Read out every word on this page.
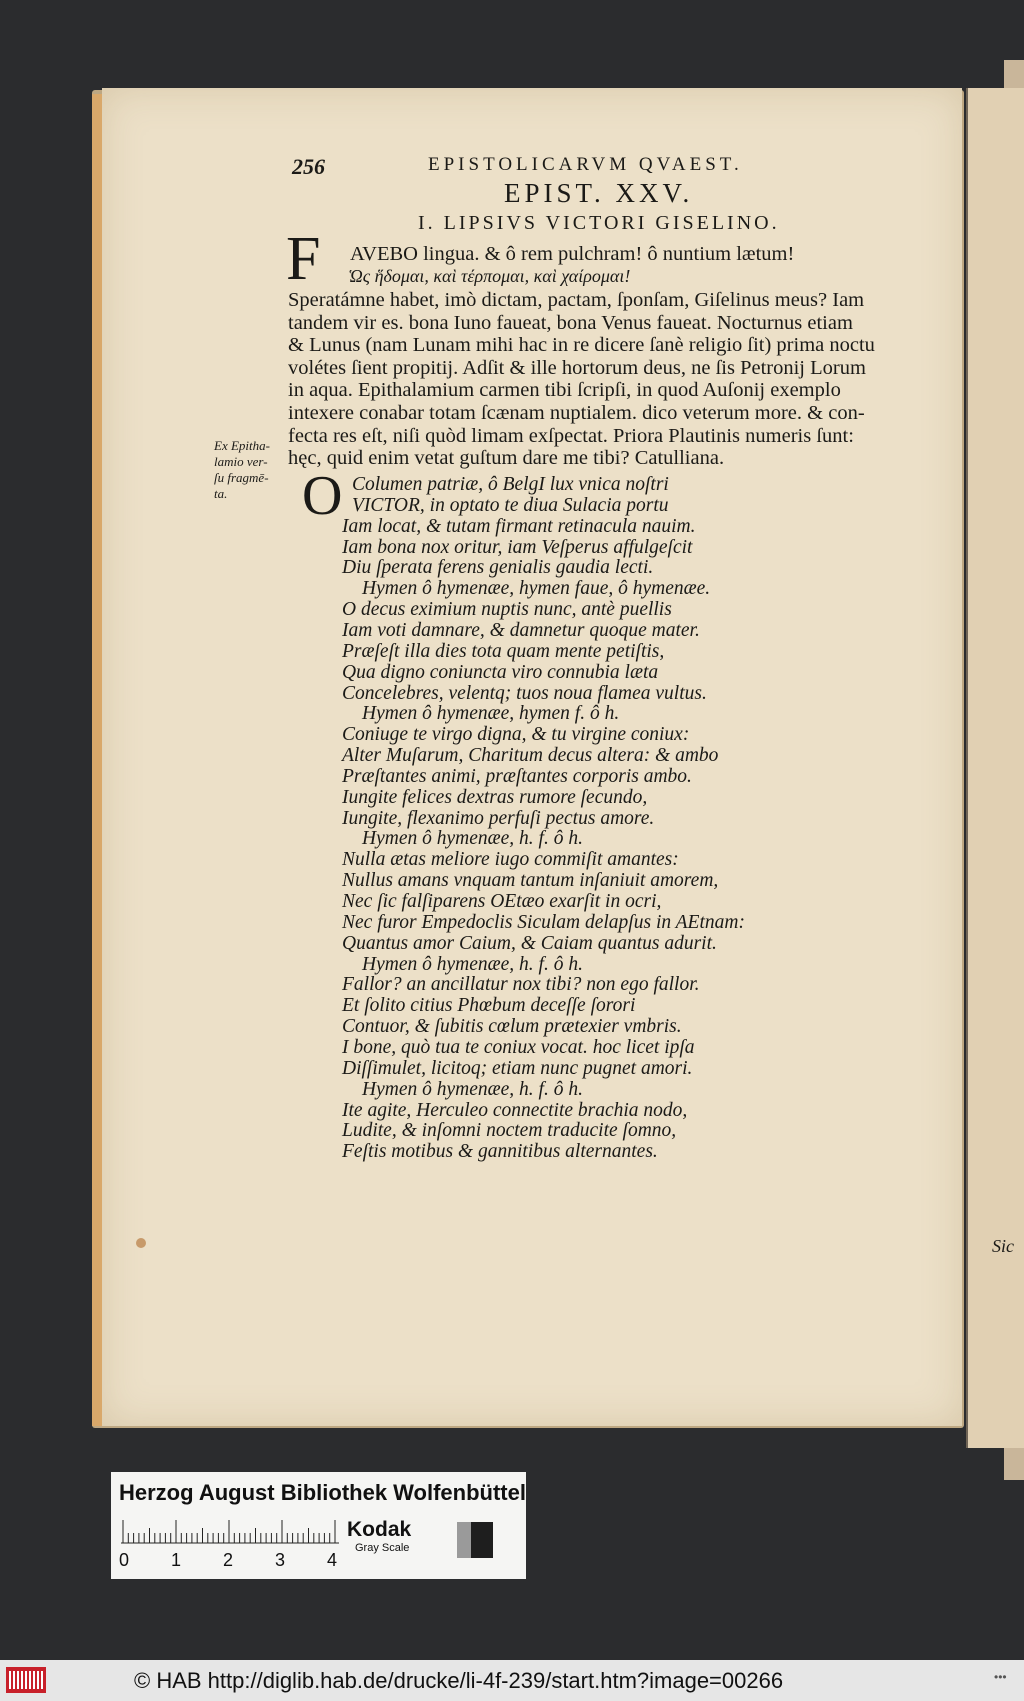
256	EPISTOLICARVM QVAEST.
EPIST. XXV.
I. LIPSIVS VICTORI GISELINO.
F AVEBO lingua. & ô rem pulchram! ô nuntium lætum!
Ὡς ἥδομαι, καὶ τέρπομαι, καὶ χαίρομαι!
Speratámne habet, imò dictam, pactam, ſponſam, Giſelinus meus? Iam
tandem vir es. bona Iuno faueat, bona Venus faueat. Nocturnus etiam
& Lunus (nam Lunam mihi hac in re dicere ſanè religio ſit) prima noctu
volétes ſient propitij. Adſit & ille hortorum deus, ne ſis Petronij Lorum
in aqua. Epithalamium carmen tibi ſcripſi, in quod Auſonij exemplo
intexere conabar totam ſcænam nuptialem. dico veterum more. & con-
fecta res eſt, niſi quòd limam exſpectat. Priora Plautinis numeris ſunt:
hęc, quid enim vetat guſtum dare me tibi? Catulliana.
Ex Epitha-
lamio ver-
ſu fragmē-
ta. O Columen patriæ, ô BelgI lux vnica noſtri
VICTOR, in optato te diua Sulacia portu
Iam locat, & tutam firmant retinacula nauim.
Iam bona nox oritur, iam Veſperus affulgeſcit
Diu ſperata ferens genialis gaudia lecti.
Hymen ô hymenæe, hymen faue, ô hymenæe.
O decus eximium nuptis nunc, antè puellis
Iam voti damnare, & damnetur quoque mater.
Præſeſt illa dies tota quam mente petiſtis,
Qua digno coniuncta viro connubia læta
Concelebres, velentq; tuos noua flamea vultus.
Hymen ô hymenæe, hymen f. ô h.
Coniuge te virgo digna, & tu virgine coniux:
Alter Muſarum, Charitum decus altera: & ambo
Præſtantes animi, præſtantes corporis ambo.
Iungite felices dextras rumore ſecundo,
Iungite, flexanimo perfuſi pectus amore.
Hymen ô hymenæe, h. f. ô h.
Nulla ætas meliore iugo commiſit amantes:
Nullus amans vnquam tantum inſaniuit amorem,
Nec ſic falſiparens OEtæo exarſit in ocri,
Nec furor Empedoclis Siculam delapſus in AEtnam:
Quantus amor Caium, & Caiam quantus adurit.
Hymen ô hymenæe, h. f. ô h.
Fallor? an ancillatur nox tibi? non ego fallor.
Et ſolito citius Phœbum deceſſe ſorori
Contuor, & ſubitis cœlum prætexier vmbris.
I bone, quò tua te coniux vocat. hoc licet ipſa
Diſſimulet, licitoq; etiam nunc pugnet amori.
Hymen ô hymenæe, h. f. ô h.
Ite agite, Herculeo connectite brachia nodo,
Ludite, & inſomni noctem traducite ſomno,
Feſtis motibus & gannitibus alternantes.
Sic
Herzog August Bibliothek Wolfenbüttel
0 1 2 3 4
Kodak
Gray Scale
© HAB http://diglib.hab.de/drucke/li-4f-239/start.htm?image=00266	•••
